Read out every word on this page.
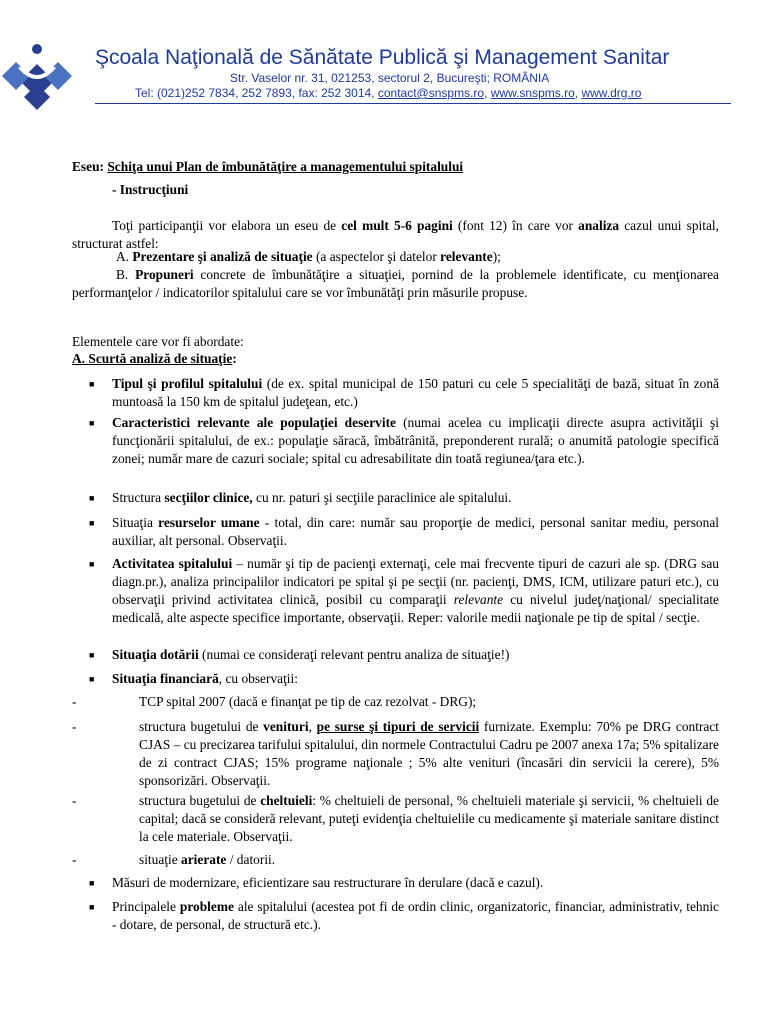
Şcoala Naţională de Sănătate Publică şi Management Sanitar
Str. Vaselor nr. 31, 021253, sectorul 2, Bucureşti; ROMÂNIA
Tel: (021)252 7834, 252 7893, fax: 252 3014, contact@snspms.ro, www.snspms.ro, www.drg.ro
Eseu: Schiţa unui Plan de îmbunătăţire a managementului spitalului
- Instrucţiuni
Toţi participanţii vor elabora un eseu de cel mult 5-6 pagini (font 12) în care vor analiza cazul unui spital, structurat astfel:
A. Prezentare şi analiză de situaţie (a aspectelor şi datelor relevante);
B. Propuneri concrete de îmbunătăţire a situaţiei, pornind de la problemele identificate, cu menţionarea performanţelor / indicatorilor spitalului care se vor îmbunătăţi prin măsurile propuse.
Elementele care vor fi abordate:
A. Scurtă analiză de situaţie:
■ Tipul şi profilul spitalului (de ex. spital municipal de 150 paturi cu cele 5 specialităţi de bază, situat în zonă muntoasă la 150 km de spitalul judeţean, etc.)
■ Caracteristici relevante ale populaţiei deservite (numai acelea cu implicaţii directe asupra activităţii şi funcţionării spitalului, de ex.: populaţie săracă, îmbătrânită, preponderent rurală; o anumită patologie specifică zonei; număr mare de cazuri sociale; spital cu adresabilitate din toată regiunea/ţara etc.).
■ Structura secţiilor clinice, cu nr. paturi şi secţiile paraclinice ale spitalului.
■ Situaţia resurselor umane - total, din care: număr sau proporţie de medici, personal sanitar mediu, personal auxiliar, alt personal. Observaţii.
■ Activitatea spitalului – număr şi tip de pacienţi externaţi, cele mai frecvente tipuri de cazuri ale sp. (DRG sau diagn.pr.), analiza principalilor indicatori pe spital şi pe secţii (nr. pacienţi, DMS, ICM, utilizare paturi etc.), cu observaţii privind activitatea clinică, posibil cu comparaţii relevante cu nivelul judeţ/naţional/ specialitate medicală, alte aspecte specifice importante, observaţii. Reper: valorile medii naţionale pe tip de spital / secţie.
■ Situaţia dotării (numai ce consideraţi relevant pentru analiza de situaţie!)
■ Situaţia financiară, cu observaţii:
-	TCP spital 2007 (dacă e finanţat pe tip de caz rezolvat - DRG);
-	structura bugetului de venituri, pe surse şi tipuri de servicii furnizate. Exemplu: 70% pe DRG contract CJAS – cu precizarea tarifului spitalului, din normele Contractului Cadru pe 2007 anexa 17a; 5% spitalizare de zi contract CJAS; 15% programe naţionale ; 5% alte venituri (încasări din servicii la cerere), 5% sponsorizări. Observaţii.
-	structura bugetului de cheltuieli: % cheltuieli de personal, % cheltuieli materiale şi servicii, % cheltuieli de capital; dacă se consideră relevant, puteţi evidenţia cheltuielile cu medicamente şi materiale sanitare distinct la cele materiale. Observaţii.
-	situaţie arierate / datorii.
■ Măsuri de modernizare, eficientizare sau restructurare în derulare (dacă e cazul).
■ Principalele probleme ale spitalului (acestea pot fi de ordin clinic, organizatoric, financiar, administrativ, tehnic - dotare, de personal, de structură etc.).
